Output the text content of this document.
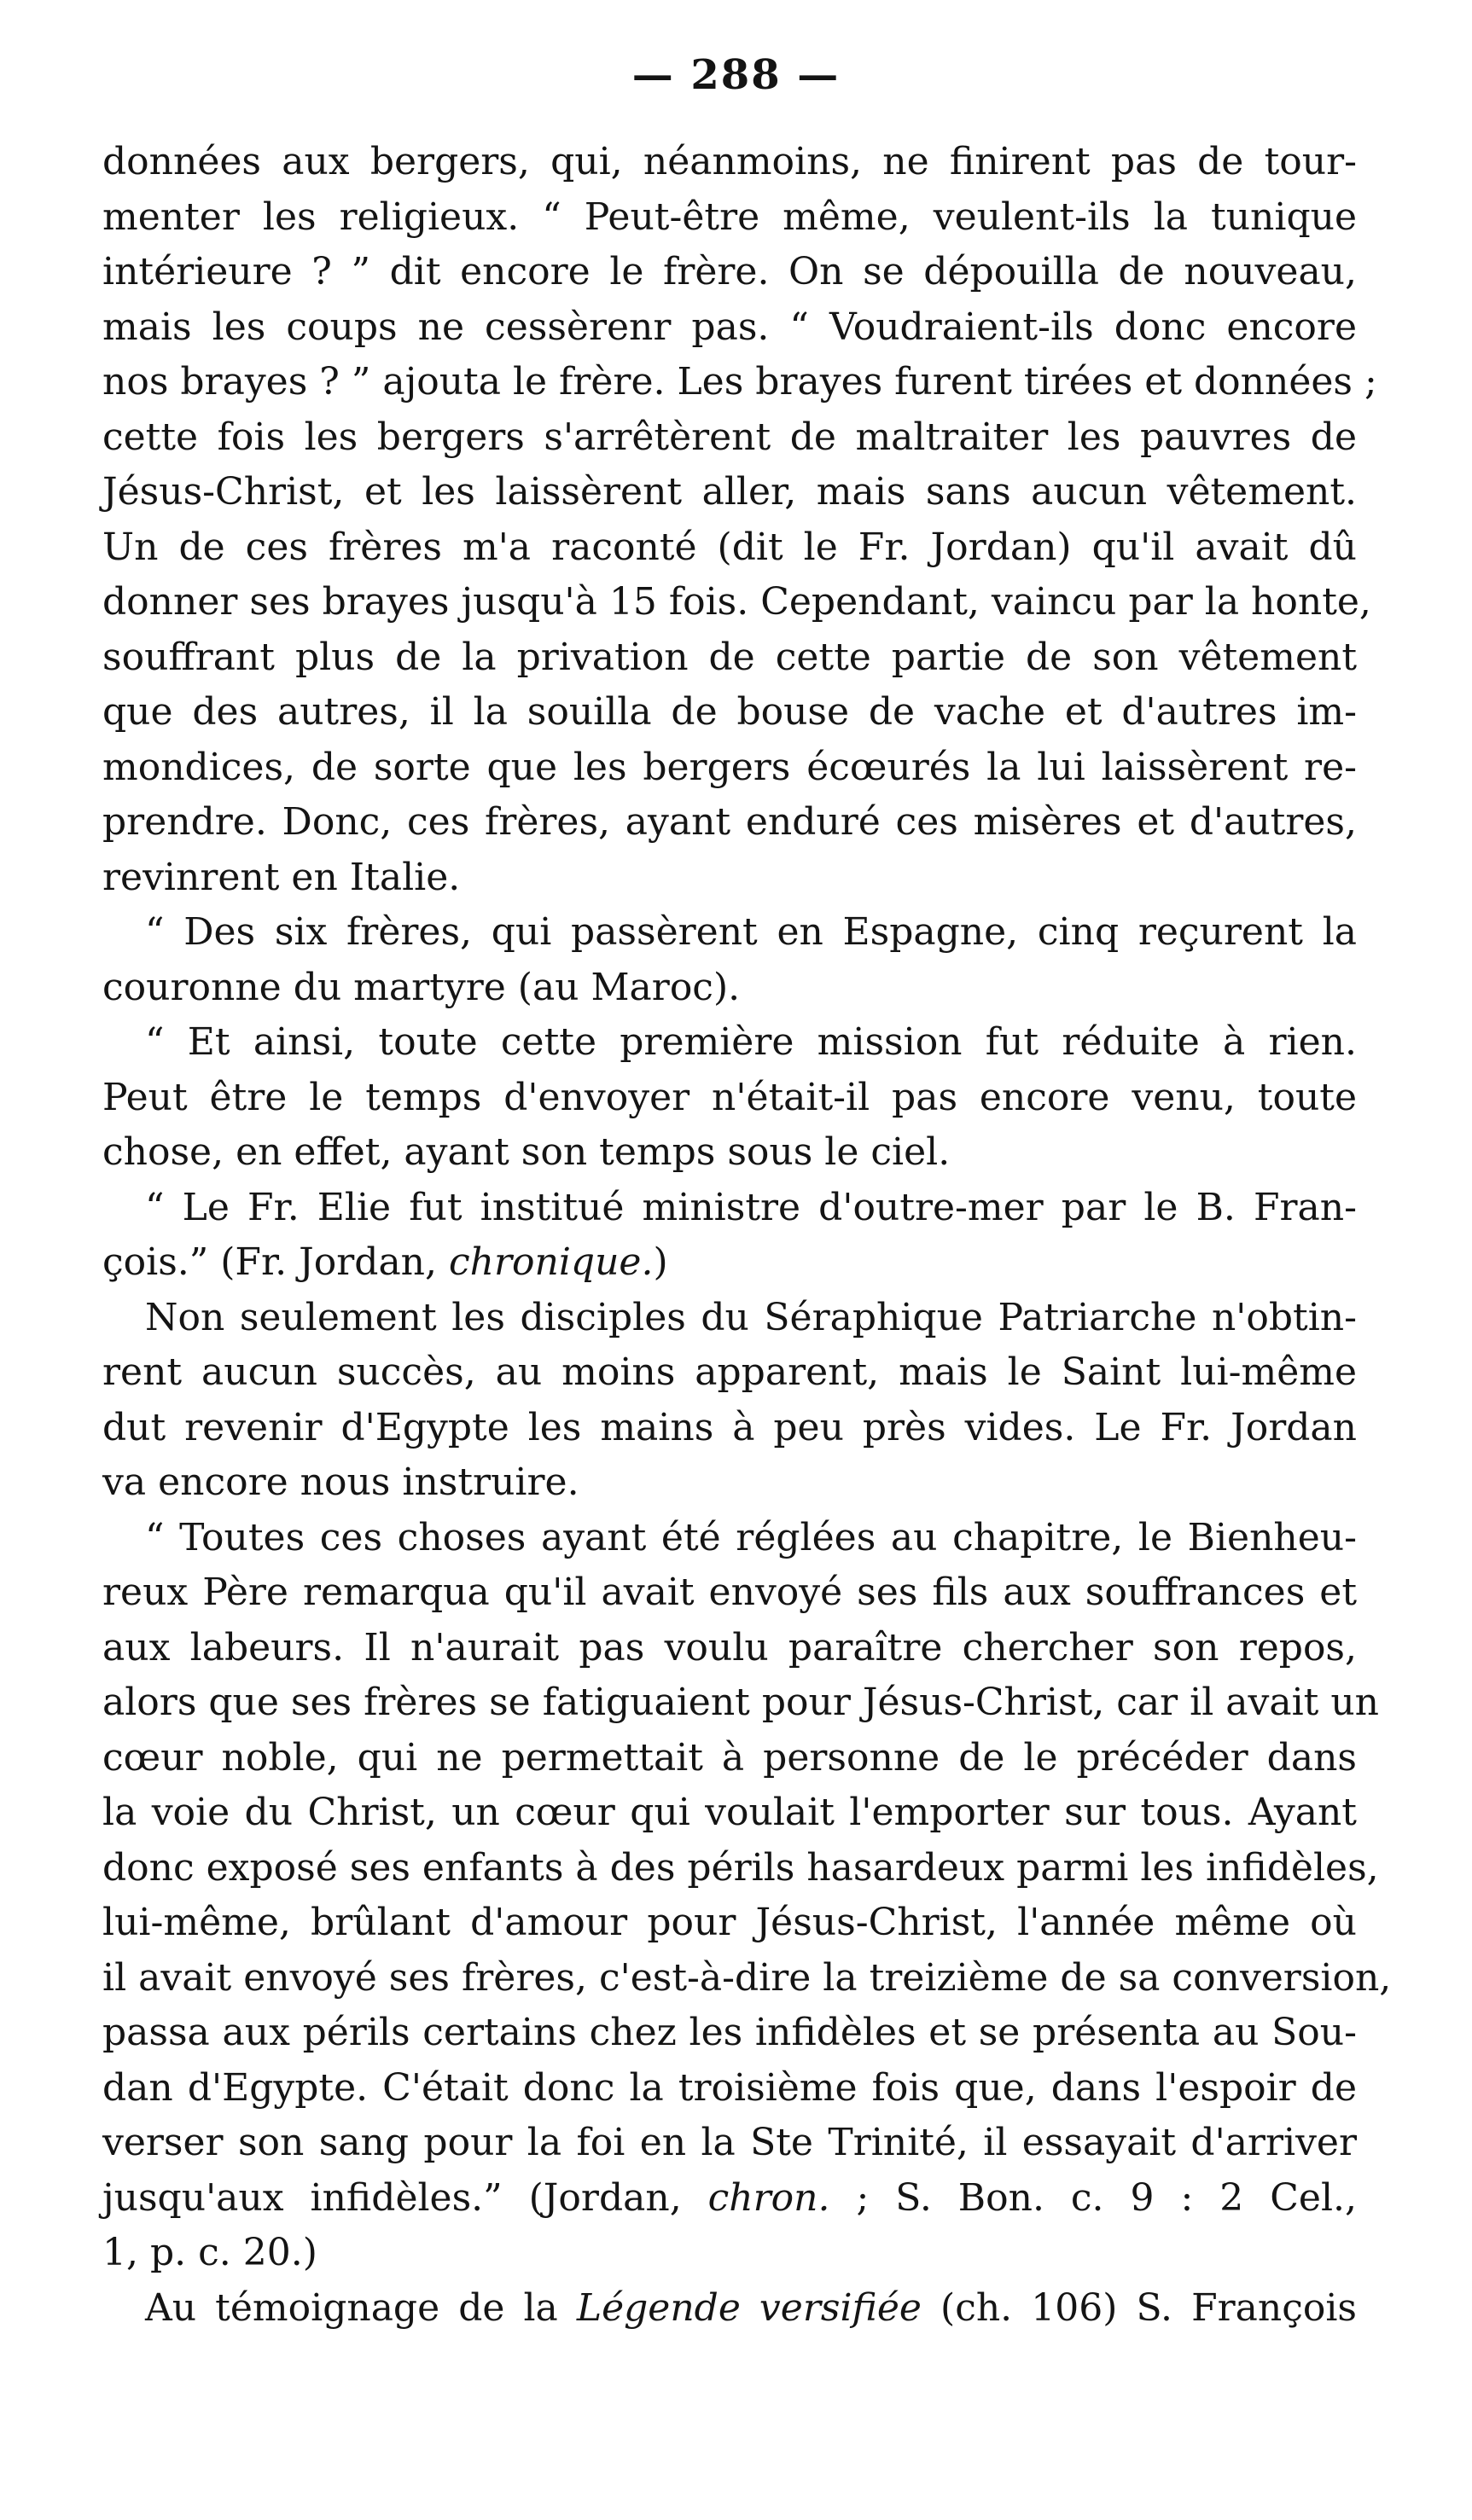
— 288 —
données aux bergers, qui, néanmoins, ne finirent pas de tour-
menter les religieux. “ Peut-être même, veulent-ils la tunique
intérieure ? ” dit encore le frère. On se dépouilla de nouveau,
mais les coups ne cessèrenr pas. “ Voudraient-ils donc encore
nos brayes ? ” ajouta le frère. Les brayes furent tirées et données ;
cette fois les bergers s'arrêtèrent de maltraiter les pauvres de
Jésus-Christ, et les laissèrent aller, mais sans aucun vêtement.
Un de ces frères m'a raconté (dit le Fr. Jordan) qu'il avait dû
donner ses brayes jusqu'à 15 fois. Cependant, vaincu par la honte,
souffrant plus de la privation de cette partie de son vêtement
que des autres, il la souilla de bouse de vache et d'autres im-
mondices, de sorte que les bergers écœurés la lui laissèrent re-
prendre. Donc, ces frères, ayant enduré ces misères et d'autres,
revinrent en Italie.
“ Des six frères, qui passèrent en Espagne, cinq reçurent la
couronne du martyre (au Maroc).
“ Et ainsi, toute cette première mission fut réduite à rien.
Peut être le temps d'envoyer n'était-il pas encore venu, toute
chose, en effet, ayant son temps sous le ciel.
“ Le Fr. Elie fut institué ministre d'outre-mer par le B. Fran-
çois.” (Fr. Jordan, chronique.)
Non seulement les disciples du Séraphique Patriarche n'obtin-
rent aucun succès, au moins apparent, mais le Saint lui-même
dut revenir d'Egypte les mains à peu près vides. Le Fr. Jordan
va encore nous instruire.
“ Toutes ces choses ayant été réglées au chapitre, le Bienheu-
reux Père remarqua qu'il avait envoyé ses fils aux souffrances et
aux labeurs. Il n'aurait pas voulu paraître chercher son repos,
alors que ses frères se fatiguaient pour Jésus-Christ, car il avait un
cœur noble, qui ne permettait à personne de le précéder dans
la voie du Christ, un cœur qui voulait l'emporter sur tous. Ayant
donc exposé ses enfants à des périls hasardeux parmi les infidèles,
lui-même, brûlant d'amour pour Jésus-Christ, l'année même où
il avait envoyé ses frères, c'est-à-dire la treizième de sa conversion,
passa aux périls certains chez les infidèles et se présenta au Sou-
dan d'Egypte. C'était donc la troisième fois que, dans l'espoir de
verser son sang pour la foi en la Ste Trinité, il essayait d'arriver
jusqu'aux infidèles.” (Jordan, chron. ; S. Bon. c. 9 : 2 Cel.,
1, p. c. 20.)
Au témoignage de la Légende versifiée (ch. 106) S. François
